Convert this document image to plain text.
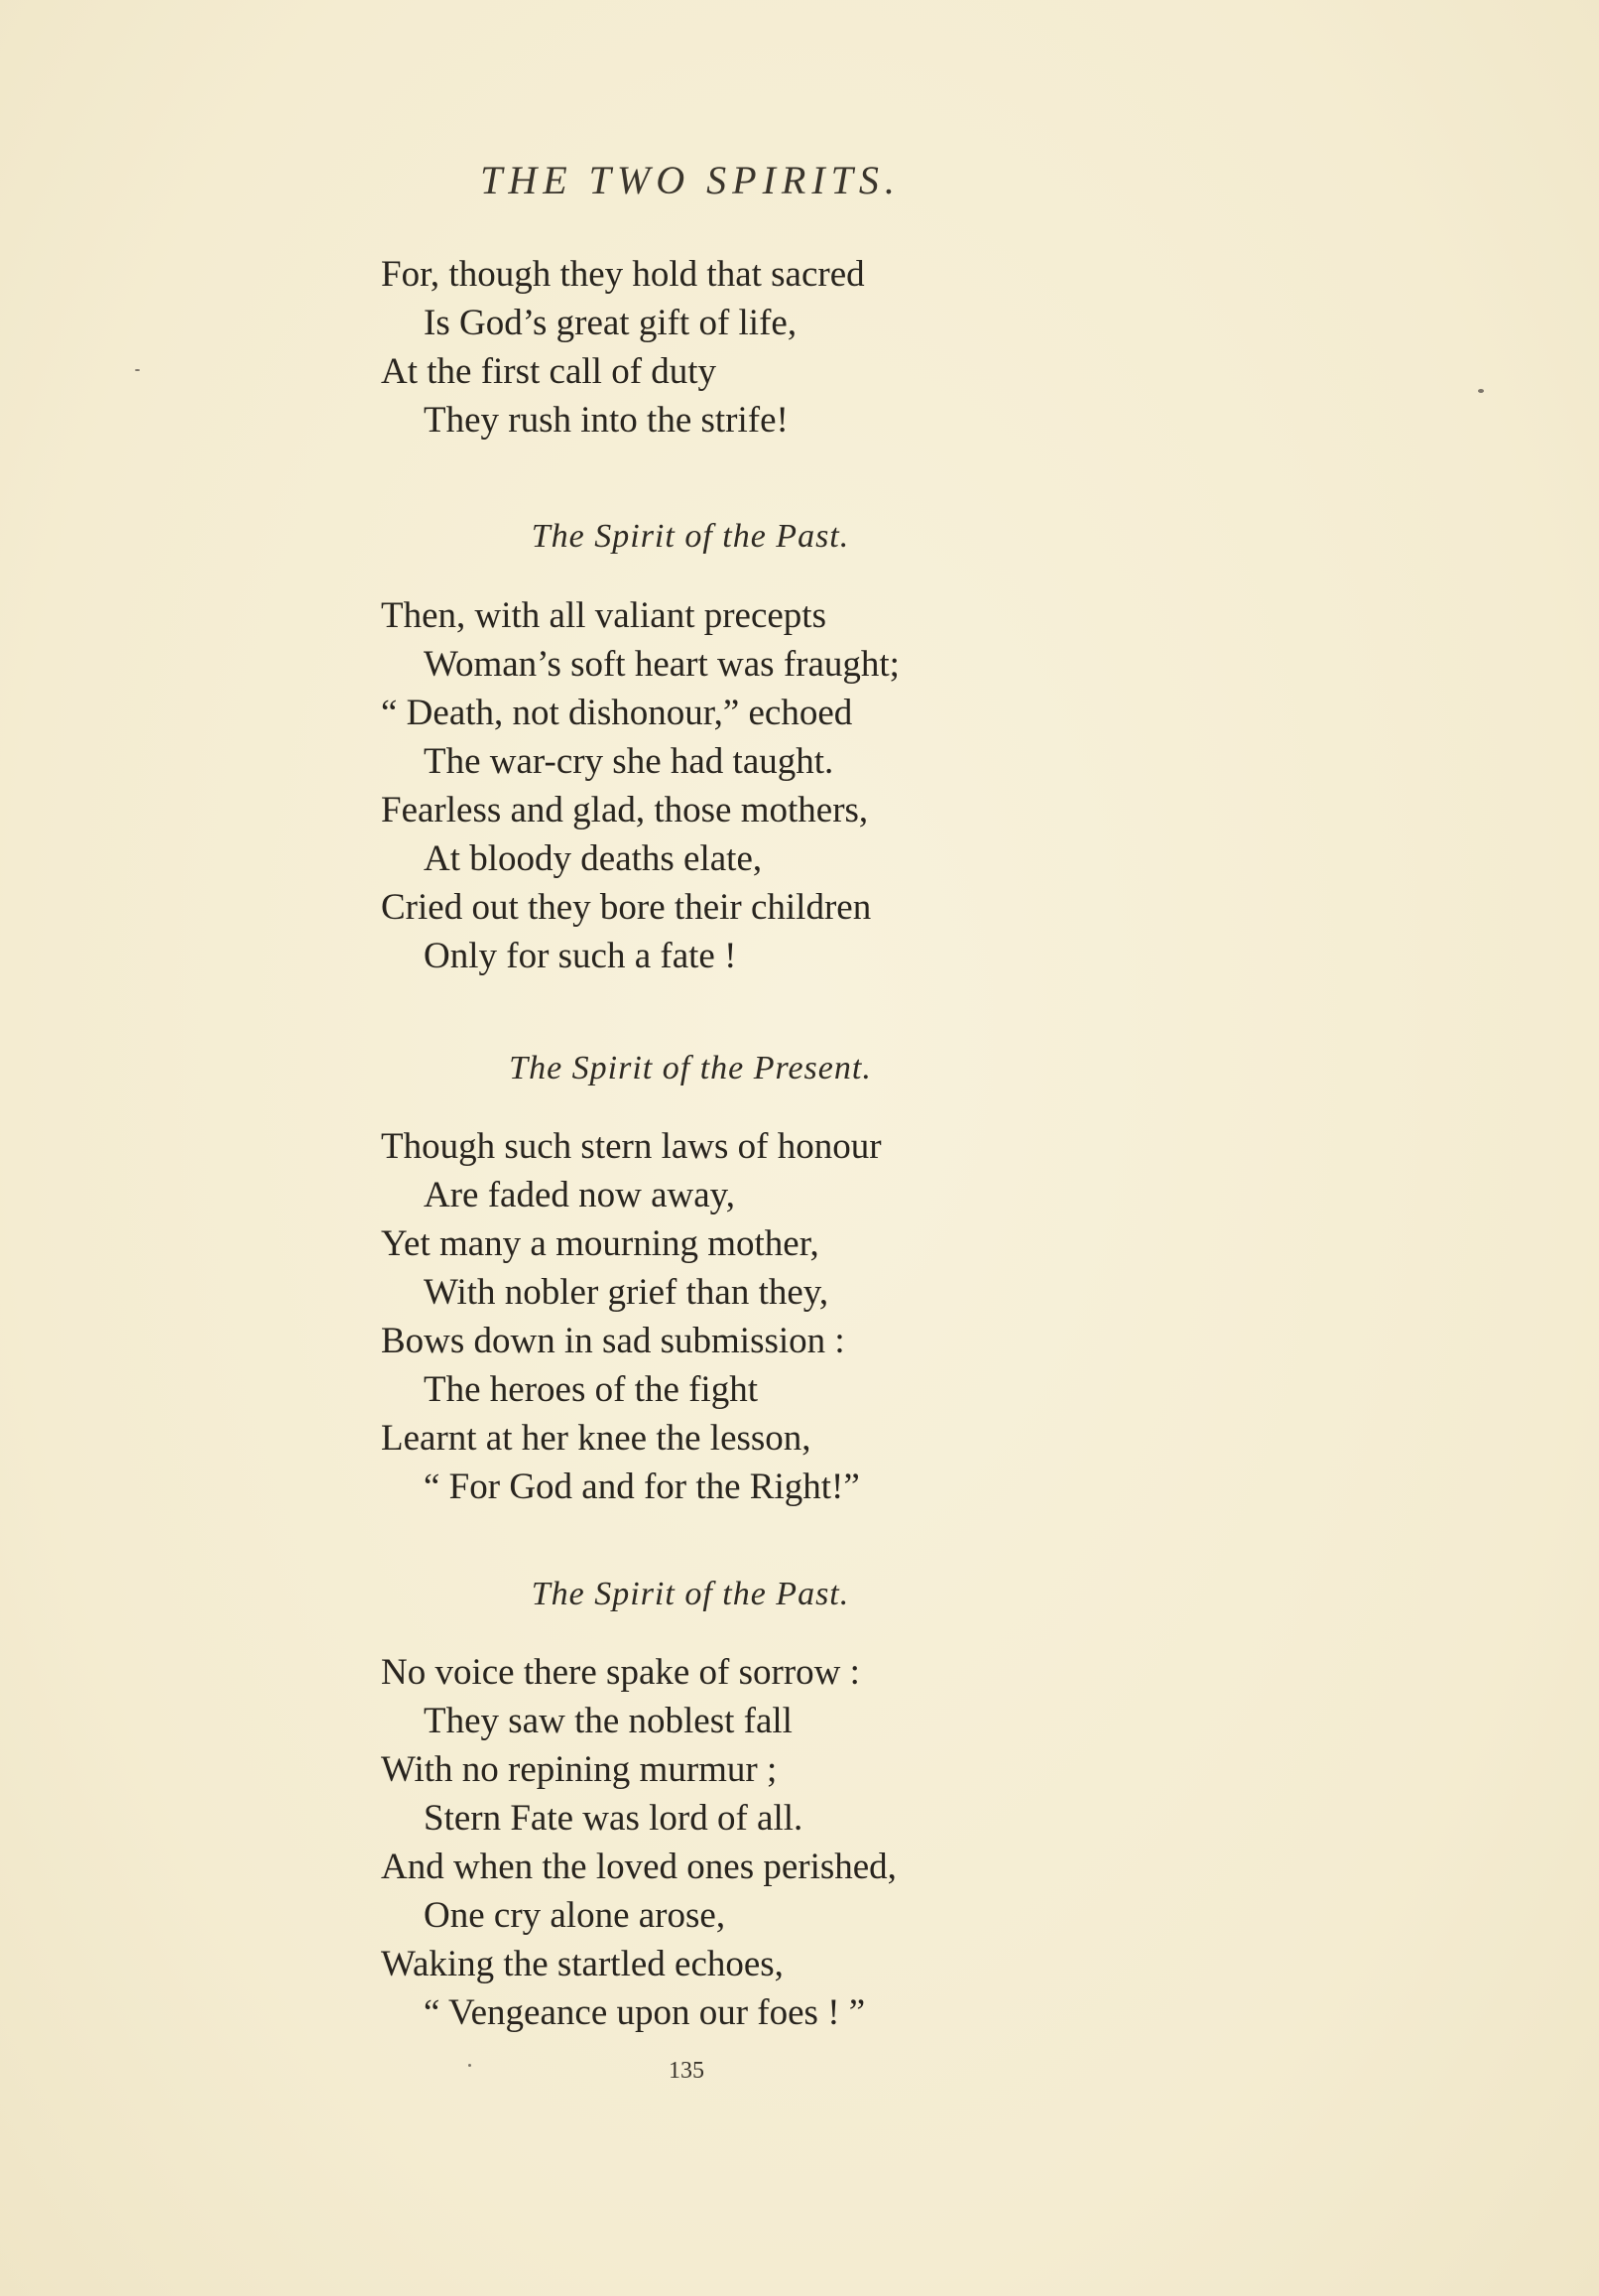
THE TWO SPIRITS.
For, though they hold that sacred
Is God’s great gift of life,
At the first call of duty
They rush into the strife!
The Spirit of the Past.
Then, with all valiant precepts
Woman’s soft heart was fraught;
“ Death, not dishonour,” echoed
The war-cry she had taught.
Fearless and glad, those mothers,
At bloody deaths elate,
Cried out they bore their children
Only for such a fate !
The Spirit of the Present.
Though such stern laws of honour
Are faded now away,
Yet many a mourning mother,
With nobler grief than they,
Bows down in sad submission :
The heroes of the fight
Learnt at her knee the lesson,
“ For God and for the Right!”
The Spirit of the Past.
No voice there spake of sorrow :
They saw the noblest fall
With no repining murmur ;
Stern Fate was lord of all.
And when the loved ones perished,
One cry alone arose,
Waking the startled echoes,
“ Vengeance upon our foes ! ”
135
